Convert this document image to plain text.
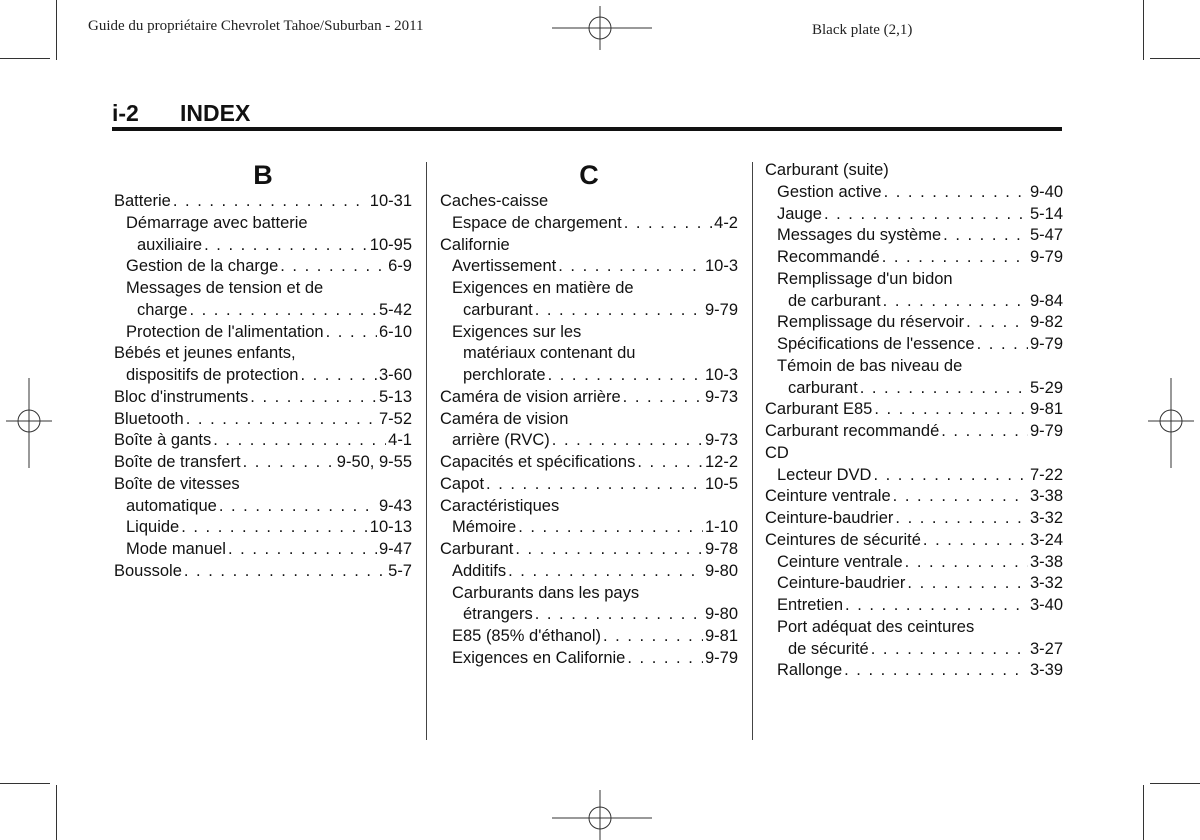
Guide du propriétaire Chevrolet Tahoe/Suburban - 2011	Black plate (2,1)
i-2 INDEX
B
Batterie . . .	10-31
Démarrage avec batterie
auxiliaire . . .	10-95
Gestion de la charge . . .	6-9
Messages de tension et de
charge . . .	5-42
Protection de l'alimentation . . .	6-10
Bébés et jeunes enfants,
dispositifs de protection . . .	3-60
Bloc d'instruments . . .	5-13
Bluetooth . . .	7-52
Boîte à gants . . .	4-1
Boîte de transfert . . .	9-50, 9-55
Boîte de vitesses
automatique . . .	9-43
Liquide . . .	10-13
Mode manuel . . .	9-47
Boussole . . .	5-7
C
Caches-caisse
Espace de chargement . . .	4-2
Californie
Avertissement . . .	10-3
Exigences en matière de
carburant . . .	9-79
Exigences sur les
matériaux contenant du
perchlorate . . .	10-3
Caméra de vision arrière . . .	9-73
Caméra de vision
arrière (RVC) . . .	9-73
Capacités et spécifications . . .	12-2
Capot . . .	10-5
Caractéristiques
Mémoire . . .	1-10
Carburant . . .	9-78
Additifs . . .	9-80
Carburants dans les pays
étrangers . . .	9-80
E85 (85% d'éthanol) . . .	9-81
Exigences en Californie . . .	9-79
Carburant (suite)
Gestion active . . .	9-40
Jauge . . .	5-14
Messages du système . . .	5-47
Recommandé . . .	9-79
Remplissage d'un bidon
de carburant . . .	9-84
Remplissage du réservoir . . .	9-82
Spécifications de l'essence . . .	9-79
Témoin de bas niveau de
carburant . . .	5-29
Carburant E85 . . .	9-81
Carburant recommandé . . .	9-79
CD
Lecteur DVD . . .	7-22
Ceinture ventrale . . .	3-38
Ceinture-baudrier . . .	3-32
Ceintures de sécurité . . .	3-24
Ceinture ventrale . . .	3-38
Ceinture-baudrier . . .	3-32
Entretien . . .	3-40
Port adéquat des ceintures
de sécurité . . .	3-27
Rallonge . . .	3-39
